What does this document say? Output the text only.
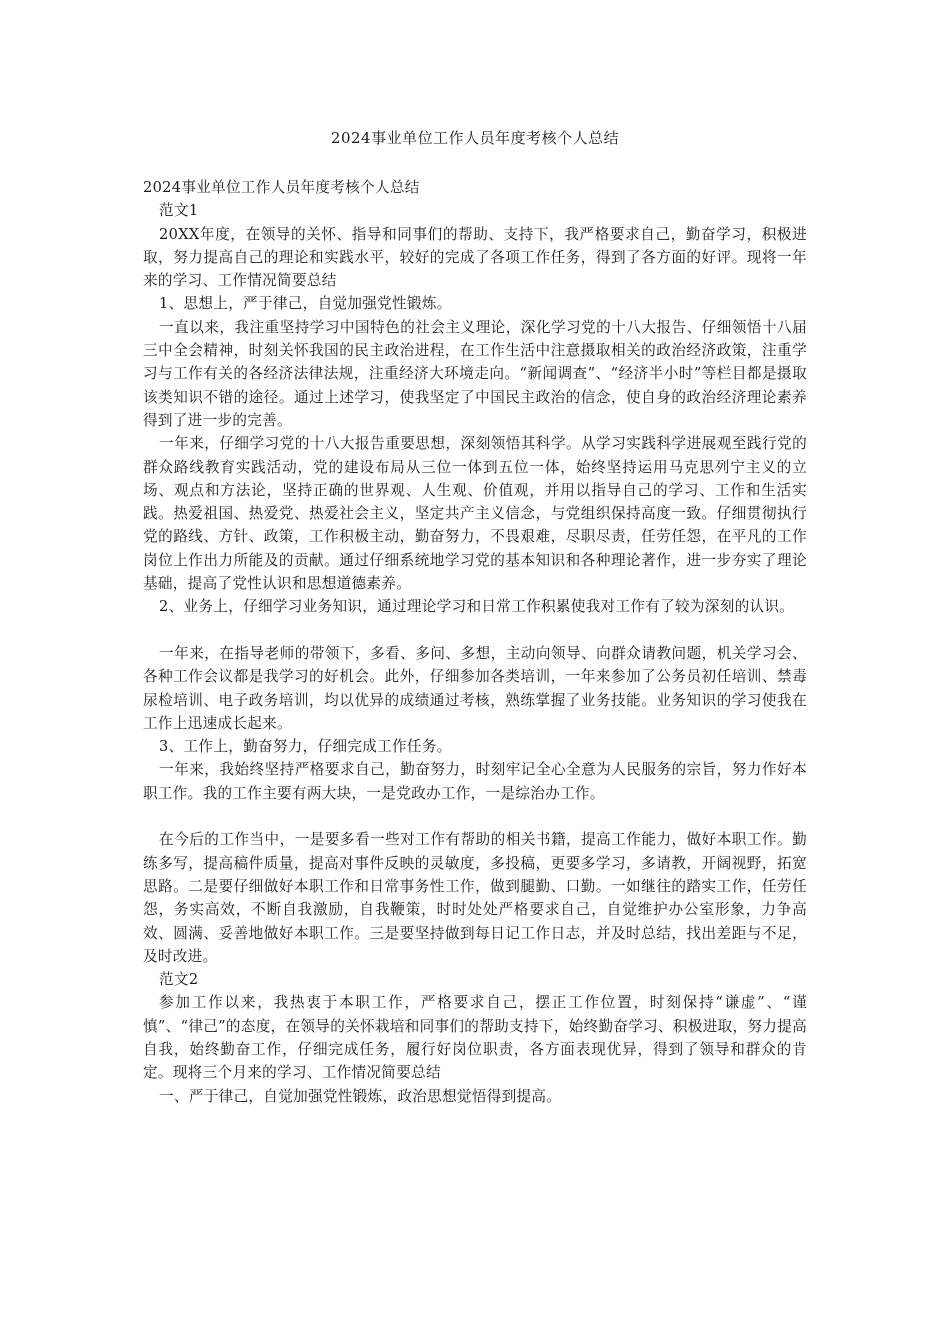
2024事业单位工作人员年度考核个人总结

2024事业单位工作人员年度考核个人总结

范文1

20XX年度，在领导的关怀、指导和同事们的帮助、支持下，我严格要求自己，勤奋学习，积极进取，努力提高自己的理论和实践水平，较好的完成了各项工作任务，得到了各方面的好评。现将一年来的学习、工作情况简要总结

1、思想上，严于律己，自觉加强党性锻炼。

一直以来，我注重坚持学习中国特色的社会主义理论，深化学习党的十八大报告、仔细领悟十八届三中全会精神，时刻关怀我国的民主政治进程，在工作生活中注意摄取相关的政治经济政策，注重学习与工作有关的各经济法律法规，注重经济大环境走向。“新闻调查”、“经济半小时”等栏目都是摄取该类知识不错的途径。通过上述学习，使我坚定了中国民主政治的信念，使自身的政治经济理论素养得到了进一步的完善。

一年来，仔细学习党的十八大报告重要思想，深刻领悟其科学。从学习实践科学进展观至践行党的群众路线教育实践活动，党的建设布局从三位一体到五位一体，始终坚持运用马克思列宁主义的立场、观点和方法论，坚持正确的世界观、人生观、价值观，并用以指导自己的学习、工作和生活实践。热爱祖国、热爱党、热爱社会主义，坚定共产主义信念，与党组织保持高度一致。仔细贯彻执行党的路线、方针、政策，工作积极主动，勤奋努力，不畏艰难，尽职尽责，任劳任怨，在平凡的工作岗位上作出力所能及的贡献。通过仔细系统地学习党的基本知识和各种理论著作，进一步夯实了理论基础，提高了党性认识和思想道德素养。

2、业务上，仔细学习业务知识，通过理论学习和日常工作积累使我对工作有了较为深刻的认识。

一年来，在指导老师的带领下，多看、多问、多想，主动向领导、向群众请教问题，机关学习会、各种工作会议都是我学习的好机会。此外，仔细参加各类培训，一年来参加了公务员初任培训、禁毒尿检培训、电子政务培训，均以优异的成绩通过考核，熟练掌握了业务技能。业务知识的学习使我在工作上迅速成长起来。

3、工作上，勤奋努力，仔细完成工作任务。

一年来，我始终坚持严格要求自己，勤奋努力，时刻牢记全心全意为人民服务的宗旨，努力作好本职工作。我的工作主要有两大块，一是党政办工作，一是综治办工作。

在今后的工作当中，一是要多看一些对工作有帮助的相关书籍，提高工作能力，做好本职工作。勤练多写，提高稿件质量，提高对事件反映的灵敏度，多投稿，更要多学习，多请教，开阔视野，拓宽思路。二是要仔细做好本职工作和日常事务性工作，做到腿勤、口勤。一如继往的踏实工作，任劳任怨，务实高效，不断自我激励，自我鞭策，时时处处严格要求自己，自觉维护办公室形象，力争高效、圆满、妥善地做好本职工作。三是要坚持做到每日记工作日志，并及时总结，找出差距与不足，及时改进。

范文2

参加工作以来，我热衷于本职工作，严格要求自己，摆正工作位置，时刻保持“谦虚”、“谨慎”、“律己”的态度，在领导的关怀栽培和同事们的帮助支持下，始终勤奋学习、积极进取，努力提高自我，始终勤奋工作，仔细完成任务，履行好岗位职责，各方面表现优异，得到了领导和群众的肯定。现将三个月来的学习、工作情况简要总结

一、严于律己，自觉加强党性锻炼，政治思想觉悟得到提高。
